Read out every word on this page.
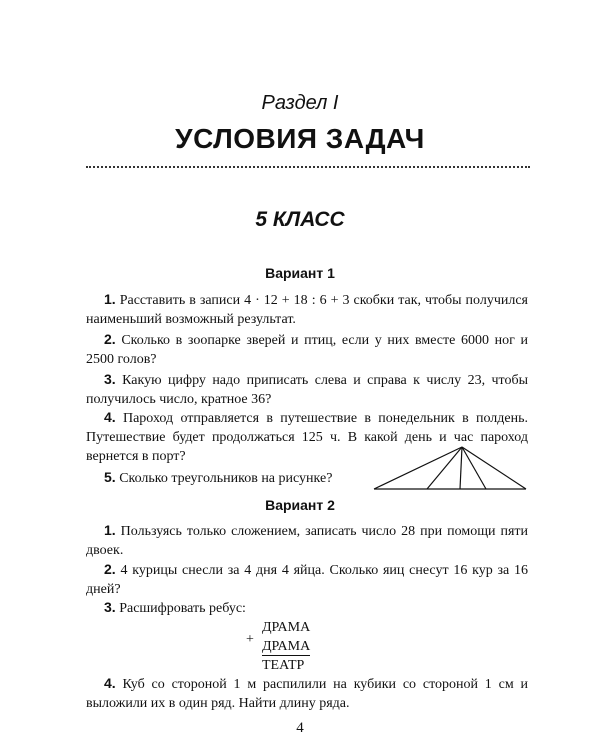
Раздел I
УСЛОВИЯ ЗАДАЧ
5 КЛАСС
Вариант 1
1. Расставить в записи 4 · 12 + 18 : 6 + 3 скобки так, чтобы получился наименьший возможный результат.
2. Сколько в зоопарке зверей и птиц, если у них вместе 6000 ног и 2500 голов?
3. Какую цифру надо приписать слева и справа к числу 23, чтобы получилось число, кратное 36?
4. Пароход отправляется в путешествие в понедельник в полдень. Путешествие будет продолжаться 125 ч. В какой день и час пароход вернется в порт?
5. Сколько треугольников на рисунке?
Вариант 2
1. Пользуясь только сложением, записать число 28 при помощи пяти двоек.
2. 4 курицы снесли за 4 дня 4 яйца. Сколько яиц снесут 16 кур за 16 дней?
3. Расшифровать ребус:
+
ДРАМА
ДРАМА
ТЕАТР
4. Куб со стороной 1 м распилили на кубики со стороной 1 см и выложили их в один ряд. Найти длину ряда.
4
